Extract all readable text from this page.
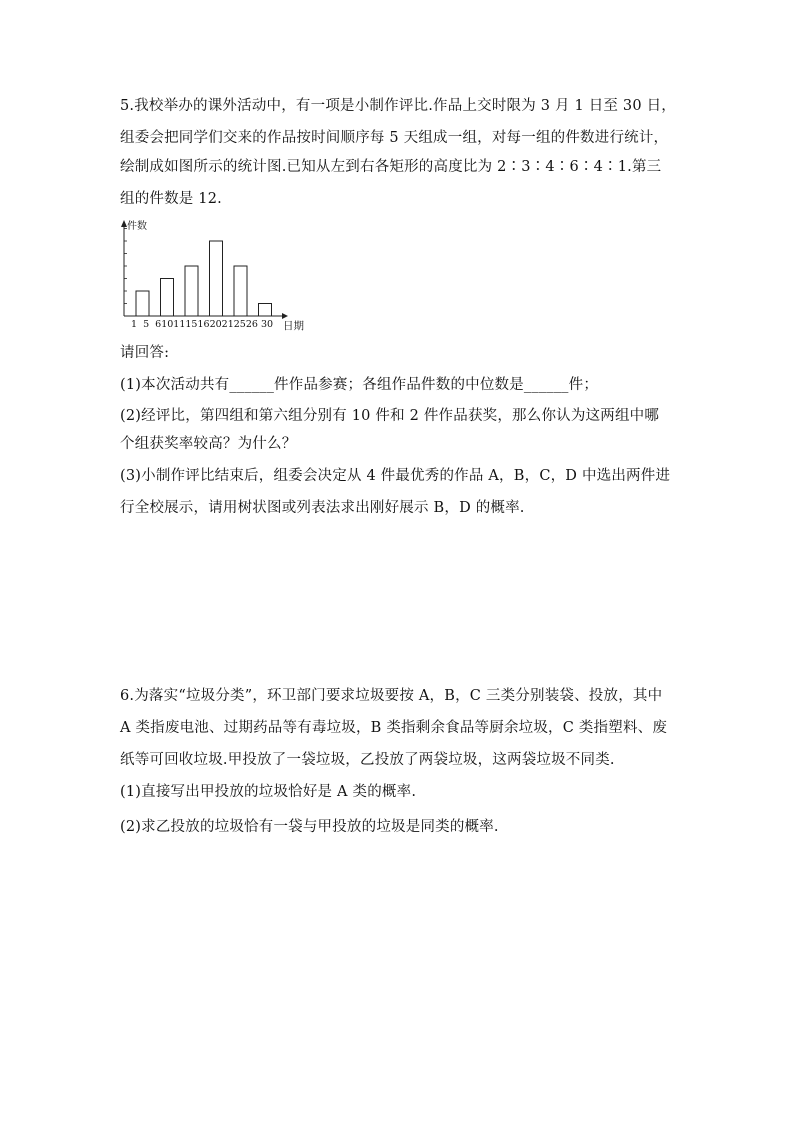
5.我校举办的课外活动中，有一项是小制作评比.作品上交时限为 3 月 1 日至 30 日，
组委会把同学们交来的作品按时间顺序每 5 天组成一组，对每一组的件数进行统计，
绘制成如图所示的统计图.已知从左到右各矩形的高度比为 2∶3∶4∶6∶4∶1.第三
组的件数是 12.
件数
日期
1  5  61011151620212526 30
请回答:
(1)本次活动共有______件作品参赛；各组作品件数的中位数是______件；
(2)经评比，第四组和第六组分别有 10 件和 2 件作品获奖，那么你认为这两组中哪
个组获奖率较高？为什么？
(3)小制作评比结束后，组委会决定从 4 件最优秀的作品 A，B，C，D 中选出两件进
行全校展示，请用树状图或列表法求出刚好展示 B，D 的概率.
6.为落实“垃圾分类”，环卫部门要求垃圾要按 A，B，C 三类分别装袋、投放，其中
A 类指废电池、过期药品等有毒垃圾，B 类指剩余食品等厨余垃圾，C 类指塑料、废
纸等可回收垃圾.甲投放了一袋垃圾，乙投放了两袋垃圾，这两袋垃圾不同类.
(1)直接写出甲投放的垃圾恰好是 A 类的概率.
(2)求乙投放的垃圾恰有一袋与甲投放的垃圾是同类的概率.
